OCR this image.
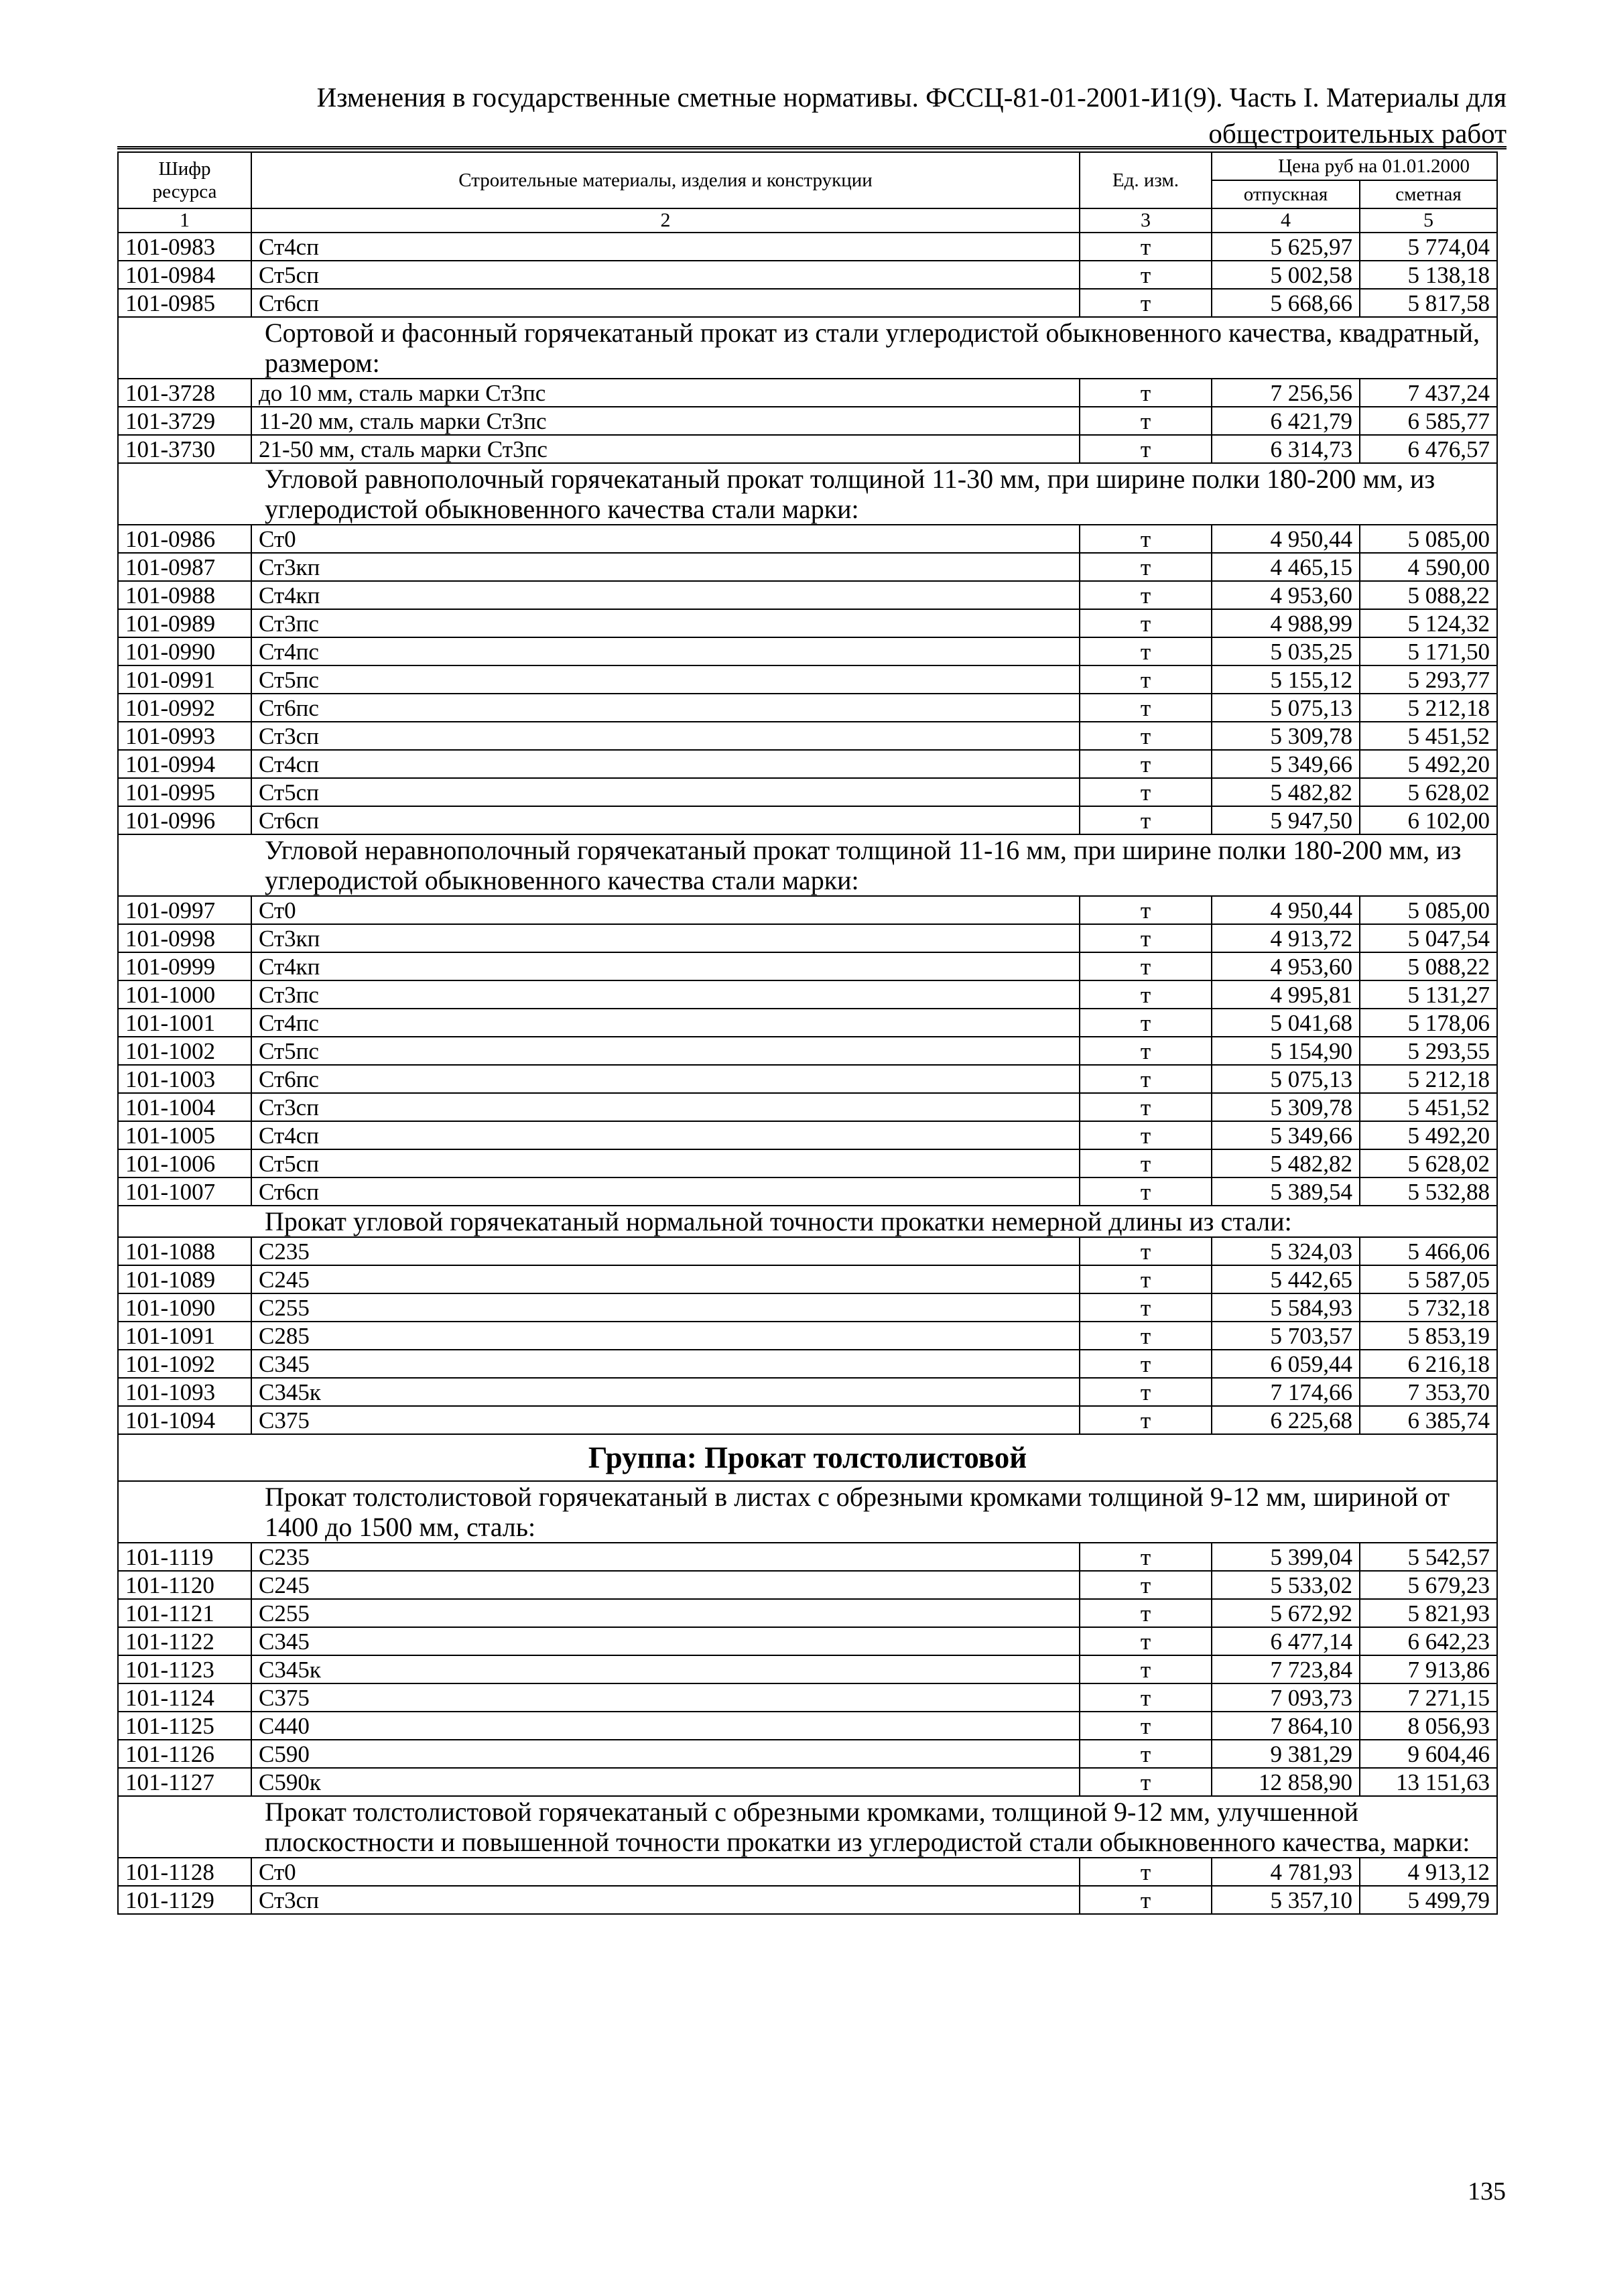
Изменения в государственные сметные нормативы. ФССЦ-81-01-2001-И1(9). Часть I. Материалы для
общестроительных работ
Шифр ресурса	Строительные материалы, изделия и конструкции	Ед. изм.	Цена руб на 01.01.2000	
			отпускная	сметная
1	2	3	4	5
101-0983	Ст4сп	т	5 625,97	5 774,04
101-0984	Ст5сп	т	5 002,58	5 138,18
101-0985	Ст6сп	т	5 668,66	5 817,58
Сортовой и фасонный горячекатаный прокат из стали углеродистой обыкновенного качества, квадратный, размером:				
101-3728	до 10 мм, сталь марки Ст3пс	т	7 256,56	7 437,24
101-3729	11-20 мм, сталь марки Ст3пс	т	6 421,79	6 585,77
101-3730	21-50 мм, сталь марки Ст3пс	т	6 314,73	6 476,57
Угловой равнополочный горячекатаный прокат толщиной 11-30 мм, при ширине полки 180-200 мм, из углеродистой обыкновенного качества стали марки:				
101-0986	Ст0	т	4 950,44	5 085,00
101-0987	Ст3кп	т	4 465,15	4 590,00
101-0988	Ст4кп	т	4 953,60	5 088,22
101-0989	Ст3пс	т	4 988,99	5 124,32
101-0990	Ст4пс	т	5 035,25	5 171,50
101-0991	Ст5пс	т	5 155,12	5 293,77
101-0992	Ст6пс	т	5 075,13	5 212,18
101-0993	Ст3сп	т	5 309,78	5 451,52
101-0994	Ст4сп	т	5 349,66	5 492,20
101-0995	Ст5сп	т	5 482,82	5 628,02
101-0996	Ст6сп	т	5 947,50	6 102,00
Угловой неравнополочный горячекатаный прокат толщиной 11-16 мм, при ширине полки 180-200 мм, из углеродистой обыкновенного качества стали марки:				
101-0997	Ст0	т	4 950,44	5 085,00
101-0998	Ст3кп	т	4 913,72	5 047,54
101-0999	Ст4кп	т	4 953,60	5 088,22
101-1000	Ст3пс	т	4 995,81	5 131,27
101-1001	Ст4пс	т	5 041,68	5 178,06
101-1002	Ст5пс	т	5 154,90	5 293,55
101-1003	Ст6пс	т	5 075,13	5 212,18
101-1004	Ст3сп	т	5 309,78	5 451,52
101-1005	Ст4сп	т	5 349,66	5 492,20
101-1006	Ст5сп	т	5 482,82	5 628,02
101-1007	Ст6сп	т	5 389,54	5 532,88
Прокат угловой горячекатаный нормальной точности прокатки немерной длины из стали:				
101-1088	С235	т	5 324,03	5 466,06
101-1089	С245	т	5 442,65	5 587,05
101-1090	С255	т	5 584,93	5 732,18
101-1091	С285	т	5 703,57	5 853,19
101-1092	С345	т	6 059,44	6 216,18
101-1093	С345к	т	7 174,66	7 353,70
101-1094	С375	т	6 225,68	6 385,74
Группа: Прокат толстолистовой				
Прокат толстолистовой горячекатаный в листах с обрезными кромками толщиной 9-12 мм, шириной от 1400 до 1500 мм, сталь:				
101-1119	С235	т	5 399,04	5 542,57
101-1120	С245	т	5 533,02	5 679,23
101-1121	С255	т	5 672,92	5 821,93
101-1122	С345	т	6 477,14	6 642,23
101-1123	С345к	т	7 723,84	7 913,86
101-1124	С375	т	7 093,73	7 271,15
101-1125	С440	т	7 864,10	8 056,93
101-1126	С590	т	9 381,29	9 604,46
101-1127	С590к	т	12 858,90	13 151,63
Прокат толстолистовой горячекатаный с обрезными кромками, толщиной 9-12 мм, улучшенной плоскостности и повышенной точности прокатки из углеродистой стали обыкновенного качества, марки:				
101-1128	Ст0	т	4 781,93	4 913,12
101-1129	Ст3сп	т	5 357,10	5 499,79
135
